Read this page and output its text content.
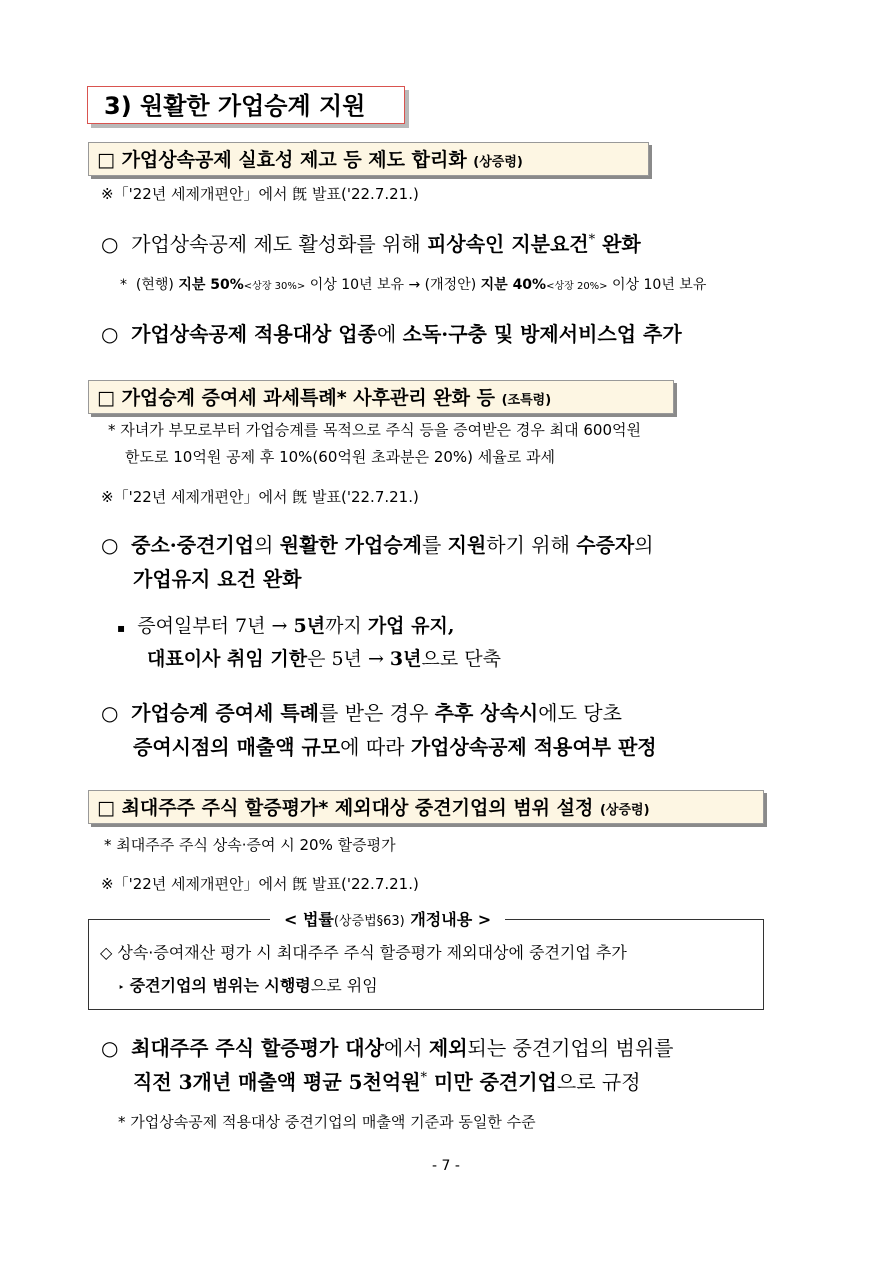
3) 원활한 가업승계 지원
□ 가업상속공제 실효성 제고 등 제도 합리화 (상증령)
※「'22년 세제개편안」에서 旣 발표('22.7.21.)
○ 가업상속공제 제도 활성화를 위해 피상속인 지분요건* 완화
* (현행) 지분 50%<상장 30%> 이상 10년 보유 → (개정안) 지분 40%<상장 20%> 이상 10년 보유
○ 가업상속공제 적용대상 업종에 소독·구충 및 방제서비스업 추가
□ 가업승계 증여세 과세특례* 사후관리 완화 등 (조특령)
* 자녀가 부모로부터 가업승계를 목적으로 주식 등을 증여받은 경우 최대 600억원
한도로 10억원 공제 후 10%(60억원 초과분은 20%) 세율로 과세
※「'22년 세제개편안」에서 旣 발표('22.7.21.)
○ 중소·중견기업의 원활한 가업승계를 지원하기 위해 수증자의
가업유지 요건 완화
▪ 증여일부터 7년 → 5년까지 가업 유지,
대표이사 취임 기한은 5년 → 3년으로 단축
○ 가업승계 증여세 특례를 받은 경우 추후 상속시에도 당초
증여시점의 매출액 규모에 따라 가업상속공제 적용여부 판정
□ 최대주주 주식 할증평가* 제외대상 중견기업의 범위 설정 (상증령)
* 최대주주 주식 상속·증여 시 20% 할증평가
※「'22년 세제개편안」에서 旣 발표('22.7.21.)
< 법률(상증법§63) 개정내용 >
◇ 상속·증여재산 평가 시 최대주주 주식 할증평가 제외대상에 중견기업 추가
‣ 중견기업의 범위는 시행령으로 위임
○ 최대주주 주식 할증평가 대상에서 제외되는 중견기업의 범위를
직전 3개년 매출액 평균 5천억원* 미만 중견기업으로 규정
* 가업상속공제 적용대상 중견기업의 매출액 기준과 동일한 수준
- 7 -
